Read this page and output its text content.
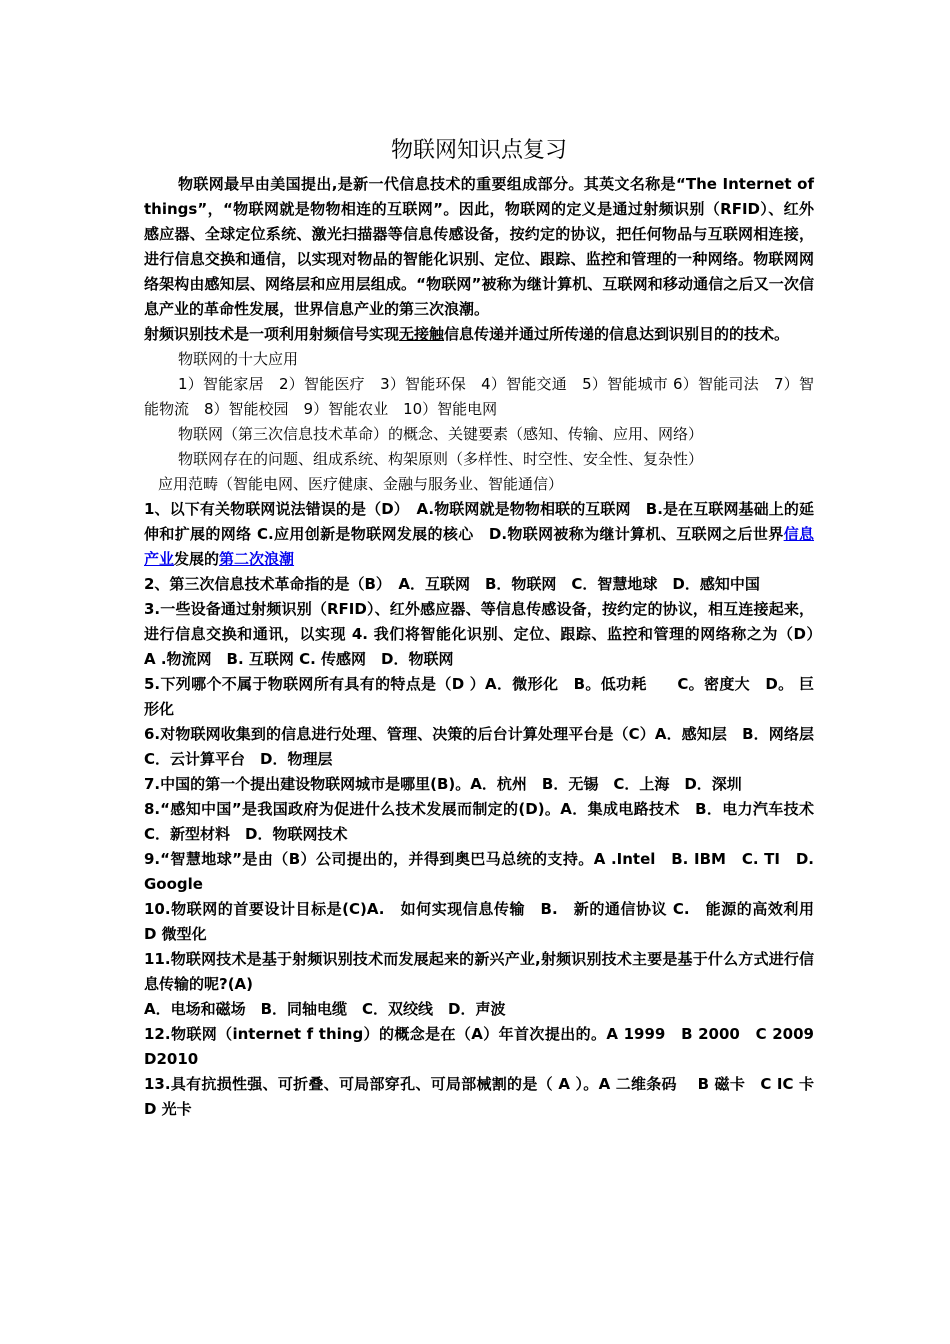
物联网知识点复习

物联网最早由美国提出,是新一代信息技术的重要组成部分。其英文名称是“The Internet of things”，“物联网就是物物相连的互联网”。因此，物联网的定义是通过射频识别（RFID）、红外感应器、全球定位系统、激光扫描器等信息传感设备，按约定的协议，把任何物品与互联网相连接，进行信息交换和通信，以实现对物品的智能化识别、定位、跟踪、监控和管理的一种网络。物联网网络架构由感知层、网络层和应用层组成。“物联网”被称为继计算机、互联网和移动通信之后又一次信息产业的革命性发展，世界信息产业的第三次浪潮。

射频识别技术是一项利用射频信号实现无接触信息传递并通过所传递的信息达到识别目的的技术。

物联网的十大应用

1）智能家居　2）智能医疗　3）智能环保　4）智能交通　5）智能城市 6）智能司法　7）智能物流　8）智能校园　9）智能农业　10）智能电网

物联网（第三次信息技术革命）的概念、关键要素（感知、传输、应用、网络）

物联网存在的问题、组成系统、构架原则（多样性、时空性、安全性、复杂性）

应用范畴（智能电网、医疗健康、金融与服务业、智能通信）

1、以下有关物联网说法错误的是（D）　A.物联网就是物物相联的互联网　B.是在互联网基础上的延伸和扩展的网络 C.应用创新是物联网发展的核心　D.物联网被称为继计算机、互联网之后世界信息产业发展的第二次浪潮

2、第三次信息技术革命指的是（B）　A．互联网　B．物联网　C．智慧地球　D．感知中国

3.一些设备通过射频识别（RFID）、红外感应器、等信息传感设备，按约定的协议，相互连接起来，进行信息交换和通讯，以实现 4. 我们将智能化识别、定位、跟踪、监控和管理的网络称之为（D）　A .物流网　B. 互联网 C. 传感网　D．物联网

5.下列哪个不属于物联网所有具有的特点是（D ）A．微形化　B。低功耗　　C。密度大　D。 巨形化

6.对物联网收集到的信息进行处理、管理、决策的后台计算处理平台是（C）A．感知层　B．网络层　C．云计算平台　D．物理层

7.中国的第一个提出建设物联网城市是哪里(B)。A．杭州　B．无锡　C．上海　D．深圳

8.“感知中国”是我国政府为促进什么技术发展而制定的(D)。A．集成电路技术　B．电力汽车技术 C．新型材料　D．物联网技术

9.“智慧地球”是由（B）公司提出的，并得到奥巴马总统的支持。A .Intel　B. IBM　C. TI　D. Google

10.物联网的首要设计目标是(C)A.　如何实现信息传输　B.　新的通信协议 C.　能源的高效利用　D 微型化

11.物联网技术是基于射频识别技术而发展起来的新兴产业,射频识别技术主要是基于什么方式进行信息传输的呢?(A)

A．电场和磁场　B．同轴电缆　C．双绞线　D．声波

12.物联网（internet f thing）的概念是在（A）年首次提出的。A 1999　B 2000　C 2009　D2010

13.具有抗损性强、可折叠、可局部穿孔、可局部械割的是（ A ）。A 二维条码　 B 磁卡　C IC 卡　 D 光卡
